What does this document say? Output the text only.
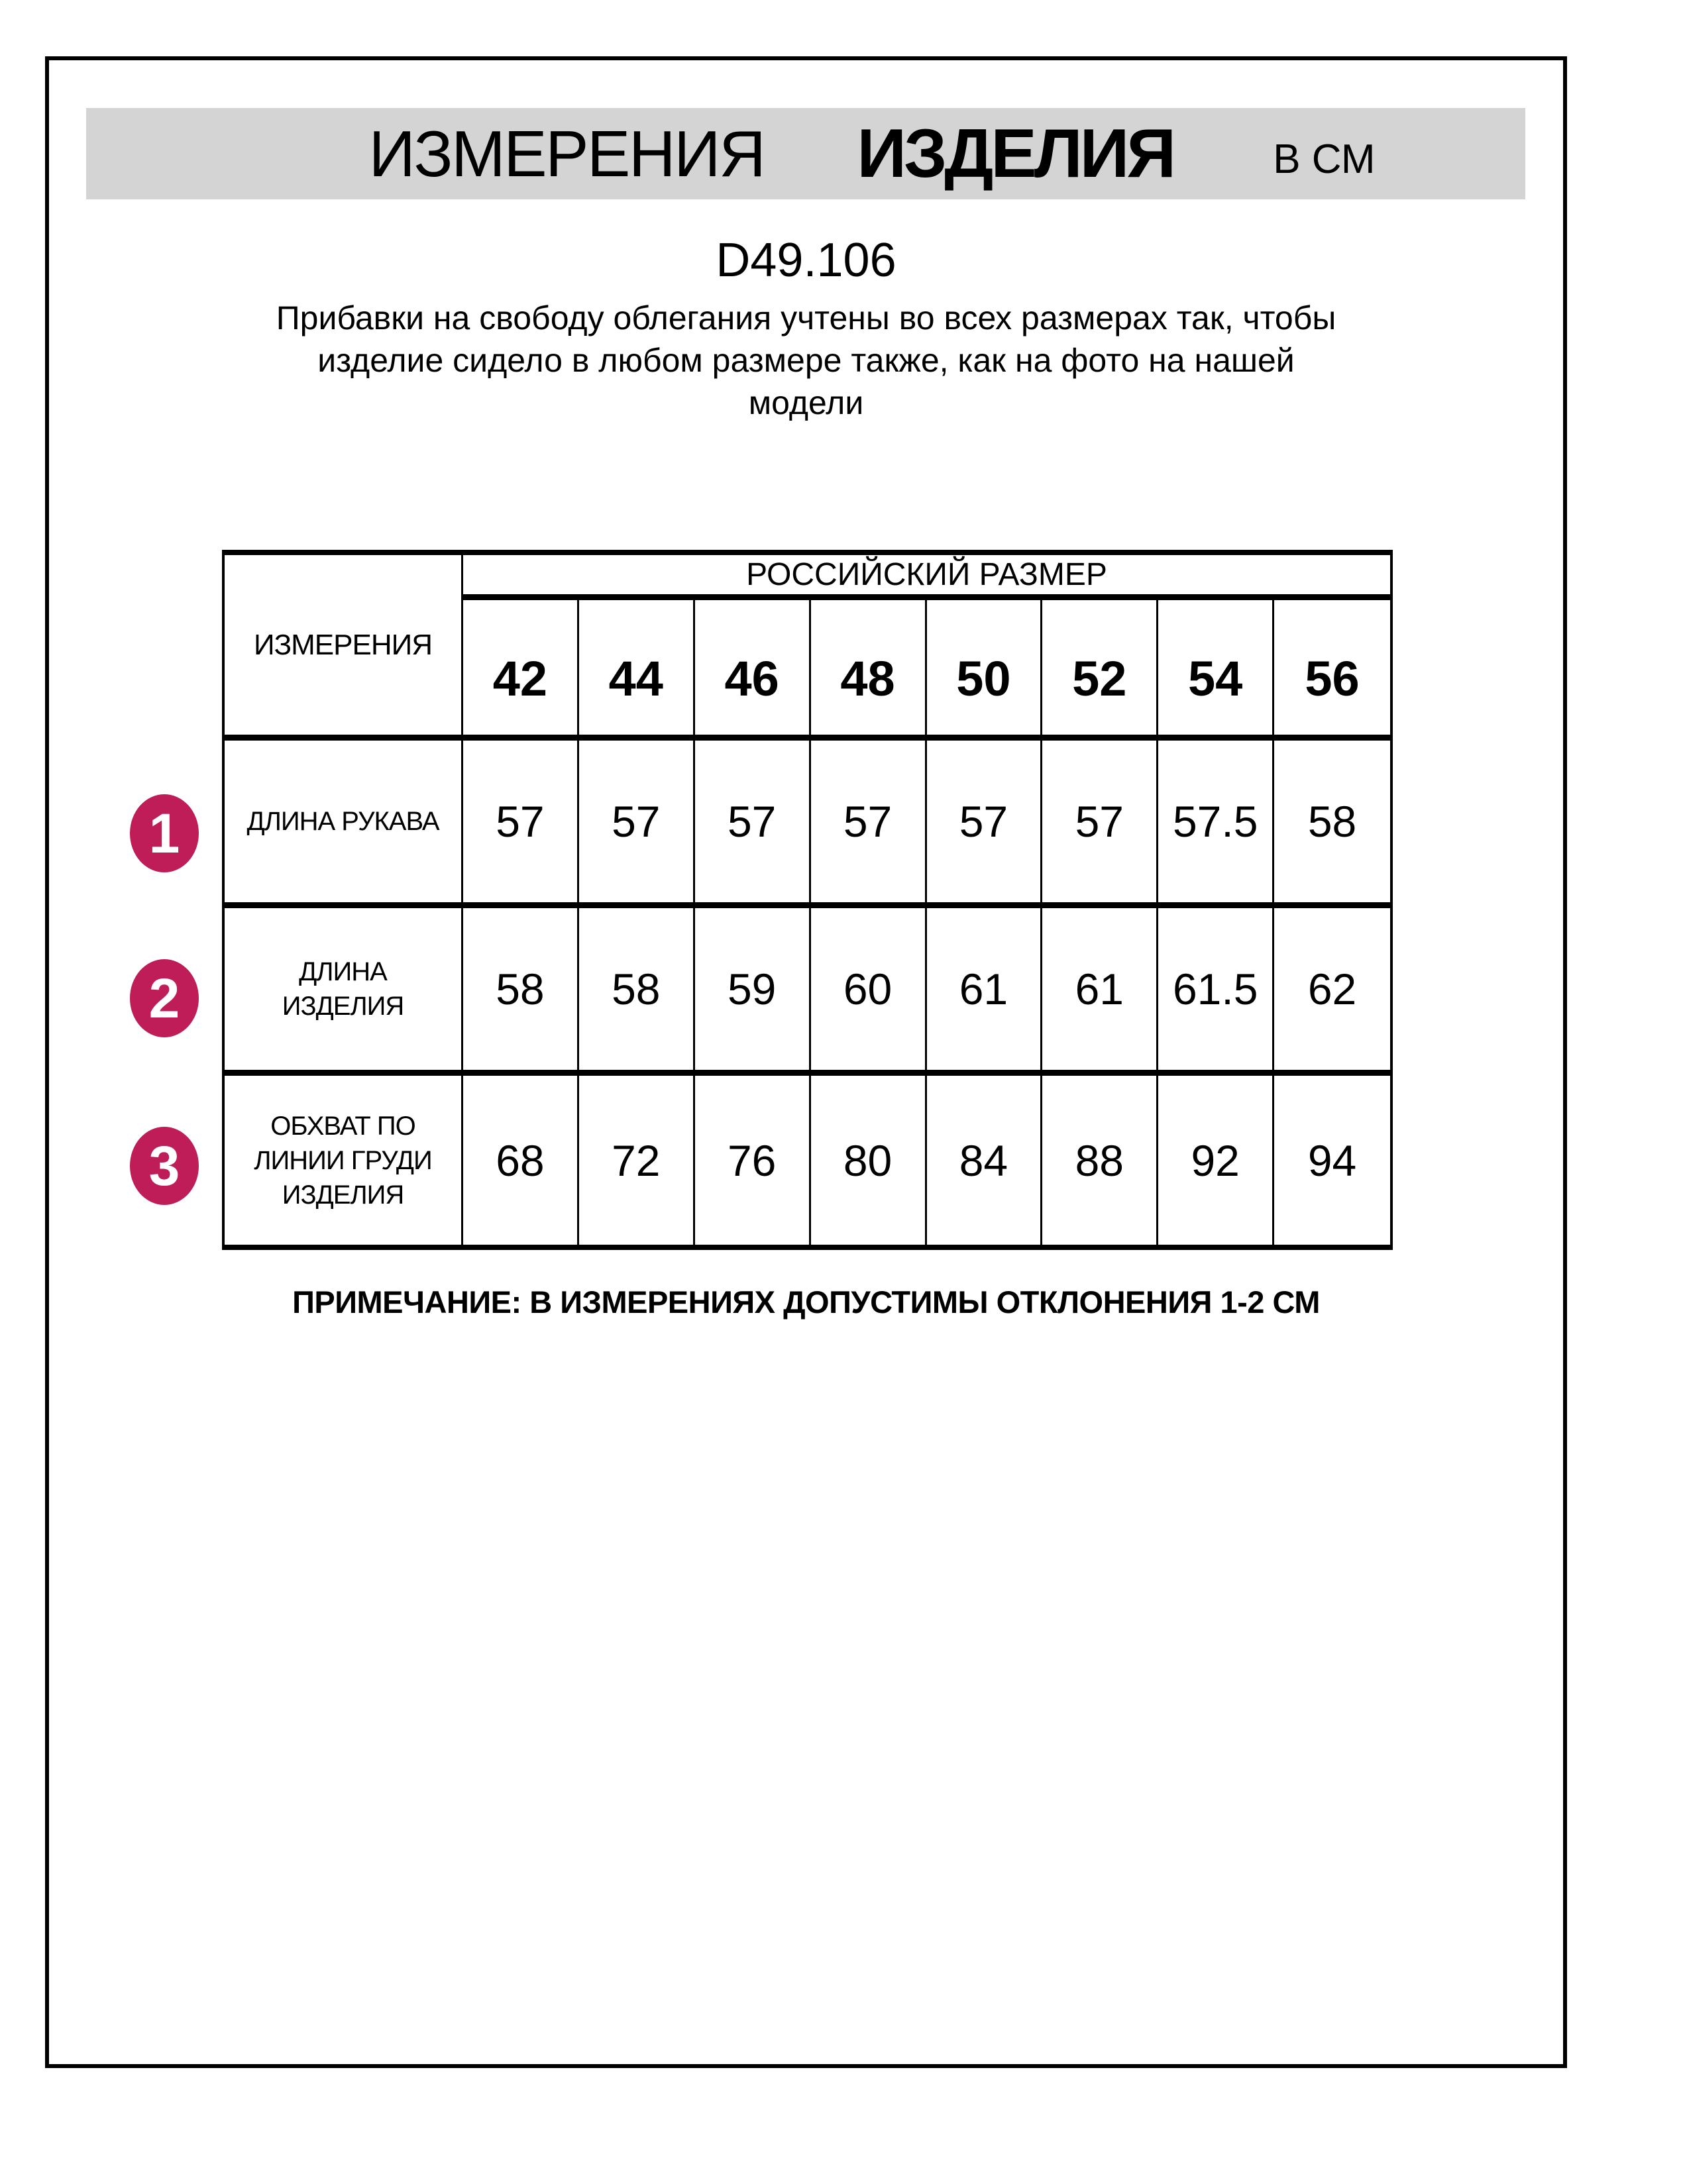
ИЗМЕРЕНИЯ ИЗДЕЛИЯ В СМ
D49.106
Прибавки на свободу облегания учтены во всех размерах так, чтобы
изделие сидело в любом размере также, как на фото на нашей
модели
ИЗМЕРЕНИЯ
РОССИЙСКИЙ РАЗМЕР
42	44	46	48	50	52	54	56
ДЛИНА РУКАВА	57	57	57	57	57	57	57.5	58
ДЛИНА
ИЗДЕЛИЯ	58	58	59	60	61	61	61.5	62
ОБХВАТ ПО
ЛИНИИ ГРУДИ
ИЗДЕЛИЯ
68	72	76	80	84	88	92	94
1
2
3
ПРИМЕЧАНИЕ: В ИЗМЕРЕНИЯХ ДОПУСТИМЫ ОТКЛОНЕНИЯ 1-2 СМ
